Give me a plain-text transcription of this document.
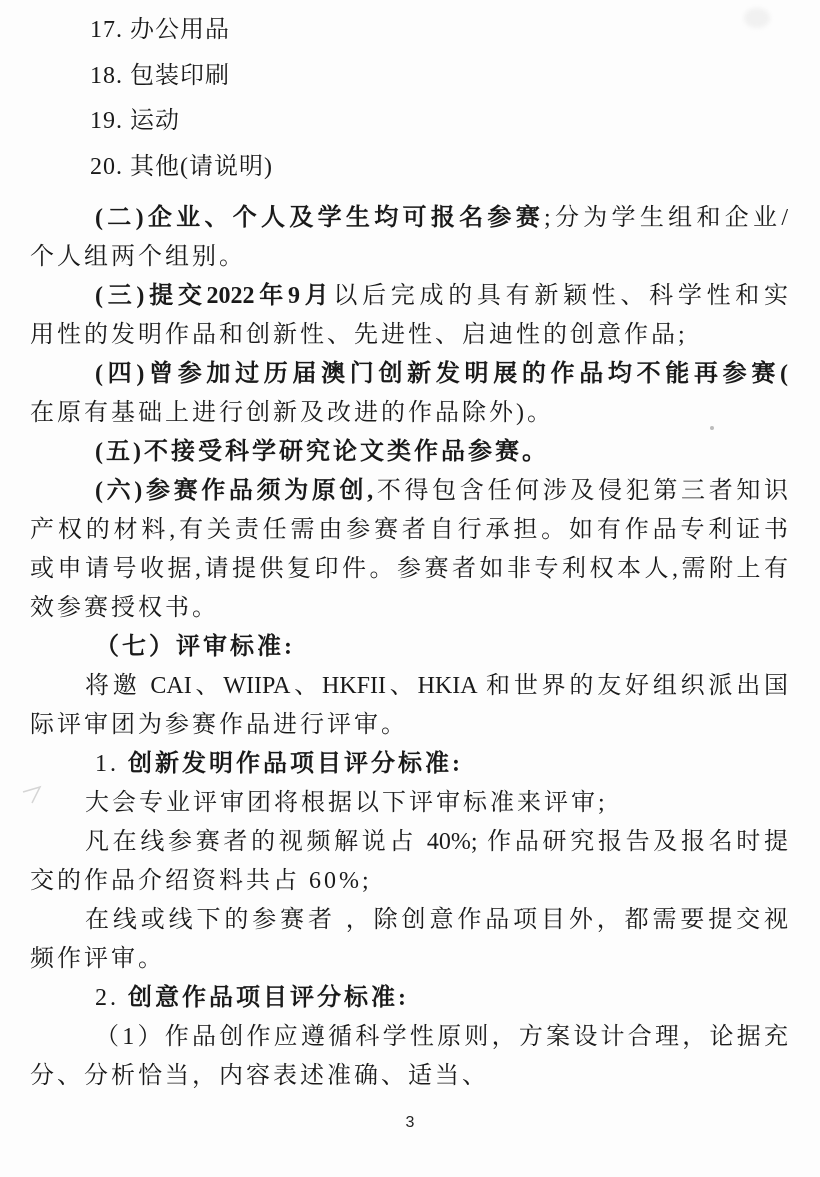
17. 办公用品
18. 包装印刷
19. 运动
20. 其他(请说明)
(二)企业、个人及学生均可报名参赛;分为学生组和企业/
个人组两个组别。
(三)提交2022年9月以后完成的具有新颖性、科学性和实
用性的发明作品和创新性、先进性、启迪性的创意作品;
(四)曾参加过历届澳门创新发明展的作品均不能再参赛(
在原有基础上进行创新及改进的作品除外)。
(五)不接受科学研究论文类作品参赛。
(六)参赛作品须为原创,不得包含任何涉及侵犯第三者知识
产权的材料,有关责任需由参赛者自行承担。如有作品专利证书
或申请号收据,请提供复印件。参赛者如非专利权本人,需附上有
效参赛授权书。
（七）评审标准:
将邀 CAI、WIIPA、HKFII、HKIA 和世界的友好组织派出国
际评审团为参赛作品进行评审。
1. 创新发明作品项目评分标准:
大会专业评审团将根据以下评审标准来评审;
凡在线参赛者的视频解说占 40%; 作品研究报告及报名时提
交的作品介绍资料共占 60%;
在线或线下的参赛者 ，除创意作品项目外，都需要提交视
频作评审。
2. 创意作品项目评分标准:
（1）作品创作应遵循科学性原则，方案设计合理，论据充
分、分析恰当，内容表述准确、适当、
3
